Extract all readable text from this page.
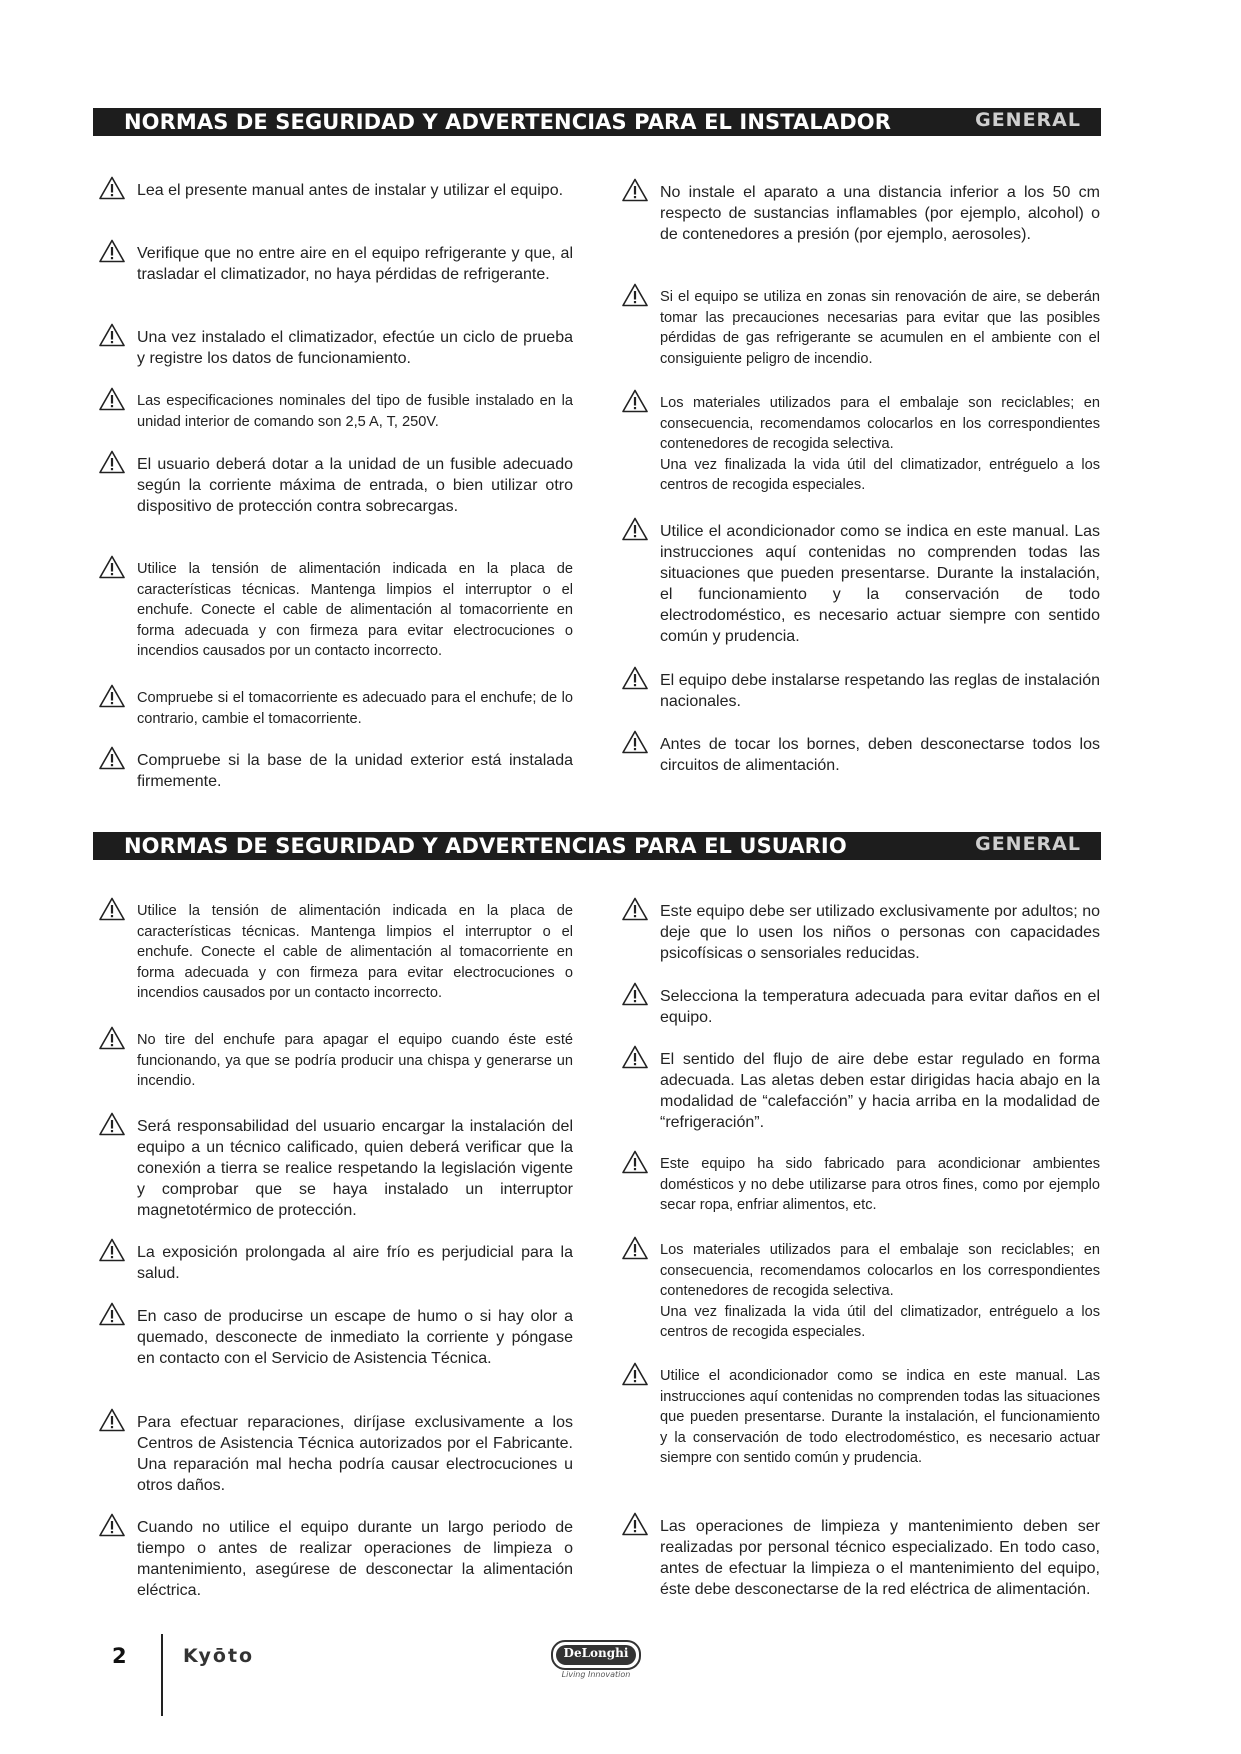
NORMAS DE SEGURIDAD Y ADVERTENCIAS PARA EL INSTALADOR	GENERAL
Lea el presente manual antes de instalar y utilizar el equipo.
Verifique que no entre aire en el equipo refrigerante y que, al trasladar el climatizador, no haya pérdidas de refrigerante.
Una vez instalado el climatizador, efectúe un ciclo de prueba y registre los datos de funcionamiento.
Las especificaciones nominales del tipo de fusible instalado en la unidad interior de comando son 2,5 A, T, 250V.
El usuario deberá dotar a la unidad de un fusible adecuado según la corriente máxima de entrada, o bien utilizar otro dispositivo de protección contra sobrecargas.
Utilice la tensión de alimentación indicada en la placa de características técnicas. Mantenga limpios el interruptor o el enchufe. Conecte el cable de alimentación al tomacorriente en forma adecuada y con firmeza para evitar electrocuciones o incendios causados por un contacto incorrecto.
Compruebe si el tomacorriente es adecuado para el enchufe; de lo contrario, cambie el tomacorriente.
Compruebe si la base de la unidad exterior está instalada firmemente.
No instale el aparato a una distancia inferior a los 50 cm respecto de sustancias inflamables (por ejemplo, alcohol) o de contenedores a presión (por ejemplo, aerosoles).
Si el equipo se utiliza en zonas sin renovación de aire, se deberán tomar las precauciones necesarias para evitar que las posibles pérdidas de gas refrigerante se acumulen en el ambiente con el consiguiente peligro de incendio.

Los materiales utilizados para el embalaje son reciclables; en consecuencia, recomendamos colocarlos en los correspondientes contenedores de recogida selectiva.

Una vez finalizada la vida útil del climatizador, entréguelo a los centros de recogida especiales.

Utilice el acondicionador como se indica en este manual. Las instrucciones aquí contenidas no comprenden todas las situaciones que pueden presentarse. Durante la instalación, el funcionamiento y la conservación de todo electrodoméstico, es necesario actuar siempre con sentido común y prudencia.
El equipo debe instalarse respetando las reglas de instalación nacionales.
Antes de tocar los bornes, deben desconectarse todos los circuitos de alimentación.
NORMAS DE SEGURIDAD Y ADVERTENCIAS PARA EL USUARIO	GENERAL
Utilice la tensión de alimentación indicada en la placa de características técnicas. Mantenga limpios el interruptor o el enchufe. Conecte el cable de alimentación al tomacorriente en forma adecuada y con firmeza para evitar electrocuciones o incendios causados por un contacto incorrecto.
No tire del enchufe para apagar el equipo cuando éste esté funcionando, ya que se podría producir una chispa y generarse un incendio.
Será responsabilidad del usuario encargar la instalación del equipo a un técnico calificado, quien deberá verificar que la conexión a tierra se realice respetando la legislación vigente y comprobar que se haya instalado un interruptor magnetotérmico de protección.
La exposición prolongada al aire frío es perjudicial para la salud.
En caso de producirse un escape de humo o si hay olor a quemado, desconecte de inmediato la corriente y póngase en contacto con el Servicio de Asistencia Técnica.
Para efectuar reparaciones, diríjase exclusivamente a los Centros de Asistencia Técnica autorizados por el Fabricante. Una reparación mal hecha podría causar electrocuciones u otros daños.
Cuando no utilice el equipo durante un largo periodo de tiempo o antes de realizar operaciones de limpieza o mantenimiento, asegúrese de desconectar la alimentación eléctrica.
Este equipo debe ser utilizado exclusivamente por adultos; no deje que lo usen los niños o personas con capacidades psicofísicas o sensoriales reducidas.
Selecciona la temperatura adecuada para evitar daños en el equipo.
El sentido del flujo de aire debe estar regulado en forma adecuada. Las aletas deben estar dirigidas hacia abajo en la modalidad de “calefacción” y hacia arriba en la modalidad de “refrigeración”.
Este equipo ha sido fabricado para acondicionar ambientes domésticos y no debe utilizarse para otros fines, como por ejemplo secar ropa, enfriar alimentos, etc.

Los materiales utilizados para el embalaje son reciclables; en consecuencia, recomendamos colocarlos en los correspondientes contenedores de recogida selectiva.

Una vez finalizada la vida útil del climatizador, entréguelo a los centros de recogida especiales.

Utilice el acondicionador como se indica en este manual. Las instrucciones aquí contenidas no comprenden todas las situaciones que pueden presentarse. Durante la instalación, el funcionamiento y la conservación de todo electrodoméstico, es necesario actuar siempre con sentido común y prudencia.
Las operaciones de limpieza y mantenimiento deben ser realizadas por personal técnico especializado. En todo caso, antes de efectuar la limpieza o el mantenimiento del equipo, éste debe desconectarse de la red eléctrica de alimentación.
2	Kyōto	DeLonghi
Living Innovation
